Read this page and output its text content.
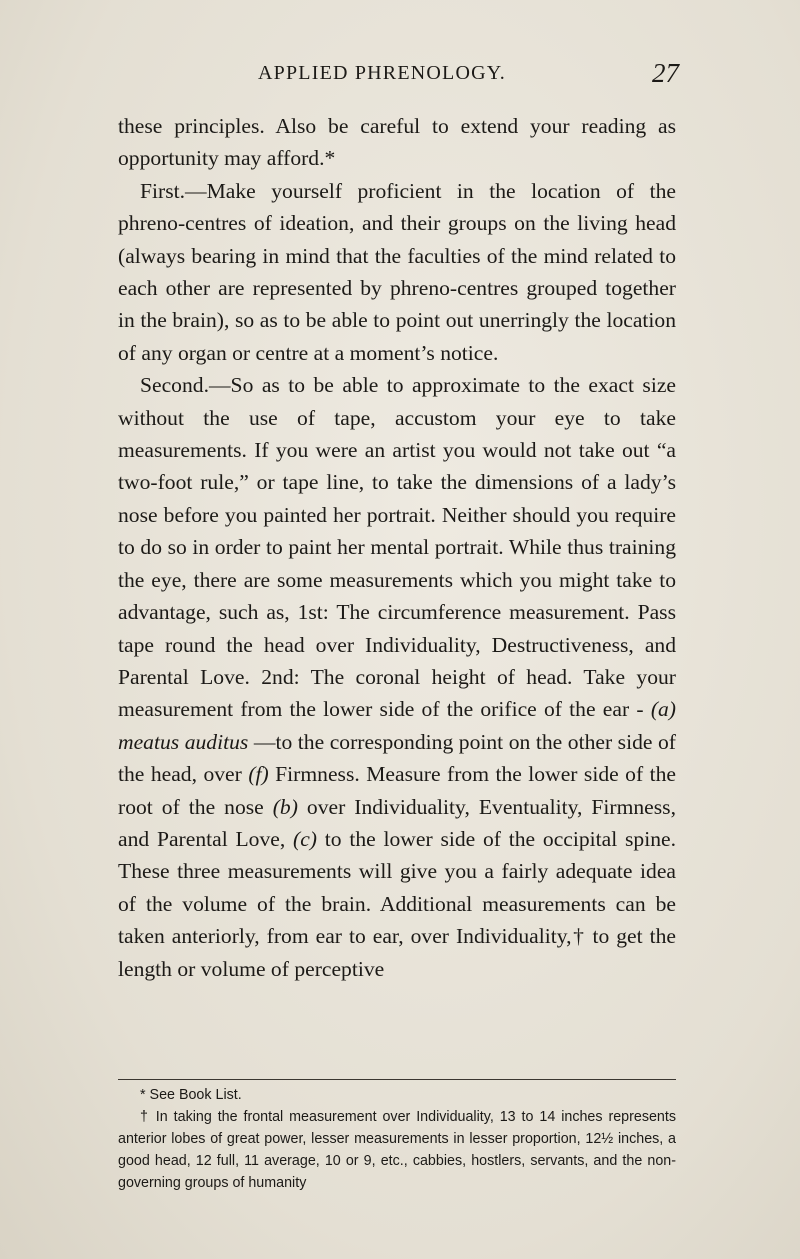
APPLIED PHRENOLOGY.	27

these principles. Also be careful to extend your reading as opportunity may afford.*

First.—Make yourself proficient in the location of the phreno-centres of ideation, and their groups on the living head (always bearing in mind that the faculties of the mind related to each other are represented by phreno-centres grouped together in the brain), so as to be able to point out unerringly the location of any organ or centre at a moment’s notice.

Second.—So as to be able to approximate to the exact size without the use of tape, accustom your eye to take measurements. If you were an artist you would not take out “a two-foot rule,” or tape line, to take the dimensions of a lady’s nose before you painted her portrait. Neither should you require to do so in order to paint her mental portrait. While thus training the eye, there are some measurements which you might take to advantage, such as, 1st: The circumference measurement. Pass tape round the head over Individuality, Destructiveness, and Parental Love. 2nd: The coronal height of head. Take your measurement from the lower side of the orifice of the ear - (a) meatus auditus —to the corresponding point on the other side of the head, over (f) Firmness. Measure from the lower side of the root of the nose (b) over Individuality, Eventuality, Firmness, and Parental Love, (c) to the lower side of the occipital spine. These three measurements will give you a fairly adequate idea of the volume of the brain. Additional measurements can be taken anteriorly, from ear to ear, over Individuality,† to get the length or volume of perceptive

* See Book List.

† In taking the frontal measurement over Individuality, 13 to 14 inches represents anterior lobes of great power, lesser measurements in lesser proportion, 12½ inches, a good head, 12 full, 11 average, 10 or 9, etc., cabbies, hostlers, servants, and the non-governing groups of humanity
